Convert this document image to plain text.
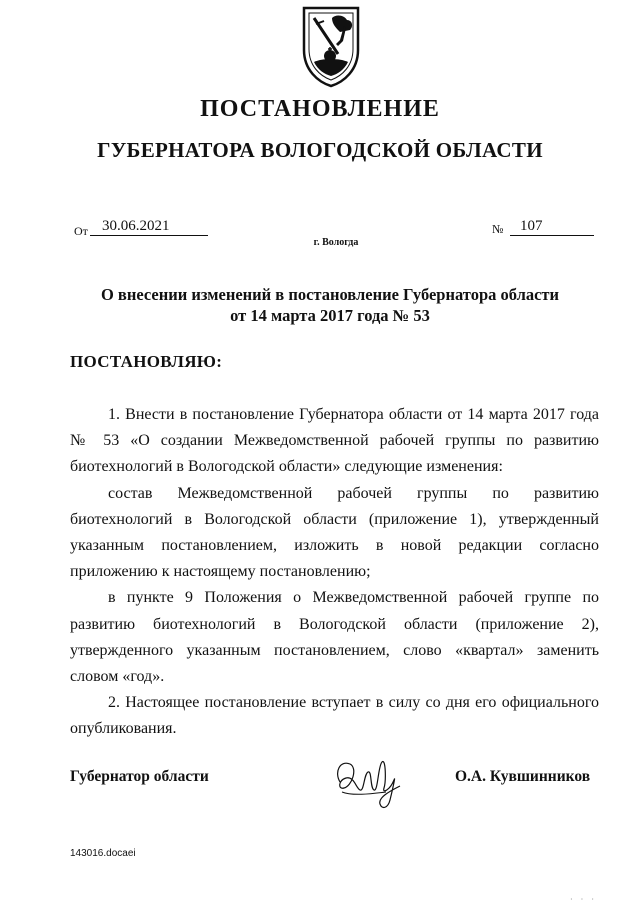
ПОСТАНОВЛЕНИЕ
ГУБЕРНАТОРА ВОЛОГОДСКОЙ ОБЛАСТИ
От 30.06.2021	№	107
г. Вологда
О внесении изменений в постановление Губернатора области
от 14 марта 2017 года № 53
ПОСТАНОВЛЯЮ:

1. Внести в постановление Губернатора области от 14 марта 2017 года № 53 «О создании Межведомственной рабочей группы по развитию биотехнологий в Вологодской области» следующие изменения:

состав Межведомственной рабочей группы по развитию биотехнологий в Вологодской области (приложение 1), утвержденный указанным постановлением, изложить в новой редакции согласно приложению к настоящему постановлению;

в пункте 9 Положения о Межведомственной рабочей группе по развитию биотехнологий в Вологодской области (приложение 2), утвержденного указанным постановлением, слово «квартал» заменить словом «год».

2. Настоящее постановление вступает в силу со дня его официального опубликования.

Губернатор области	О.А. Кувшинников
143016.docaei
· · ·
